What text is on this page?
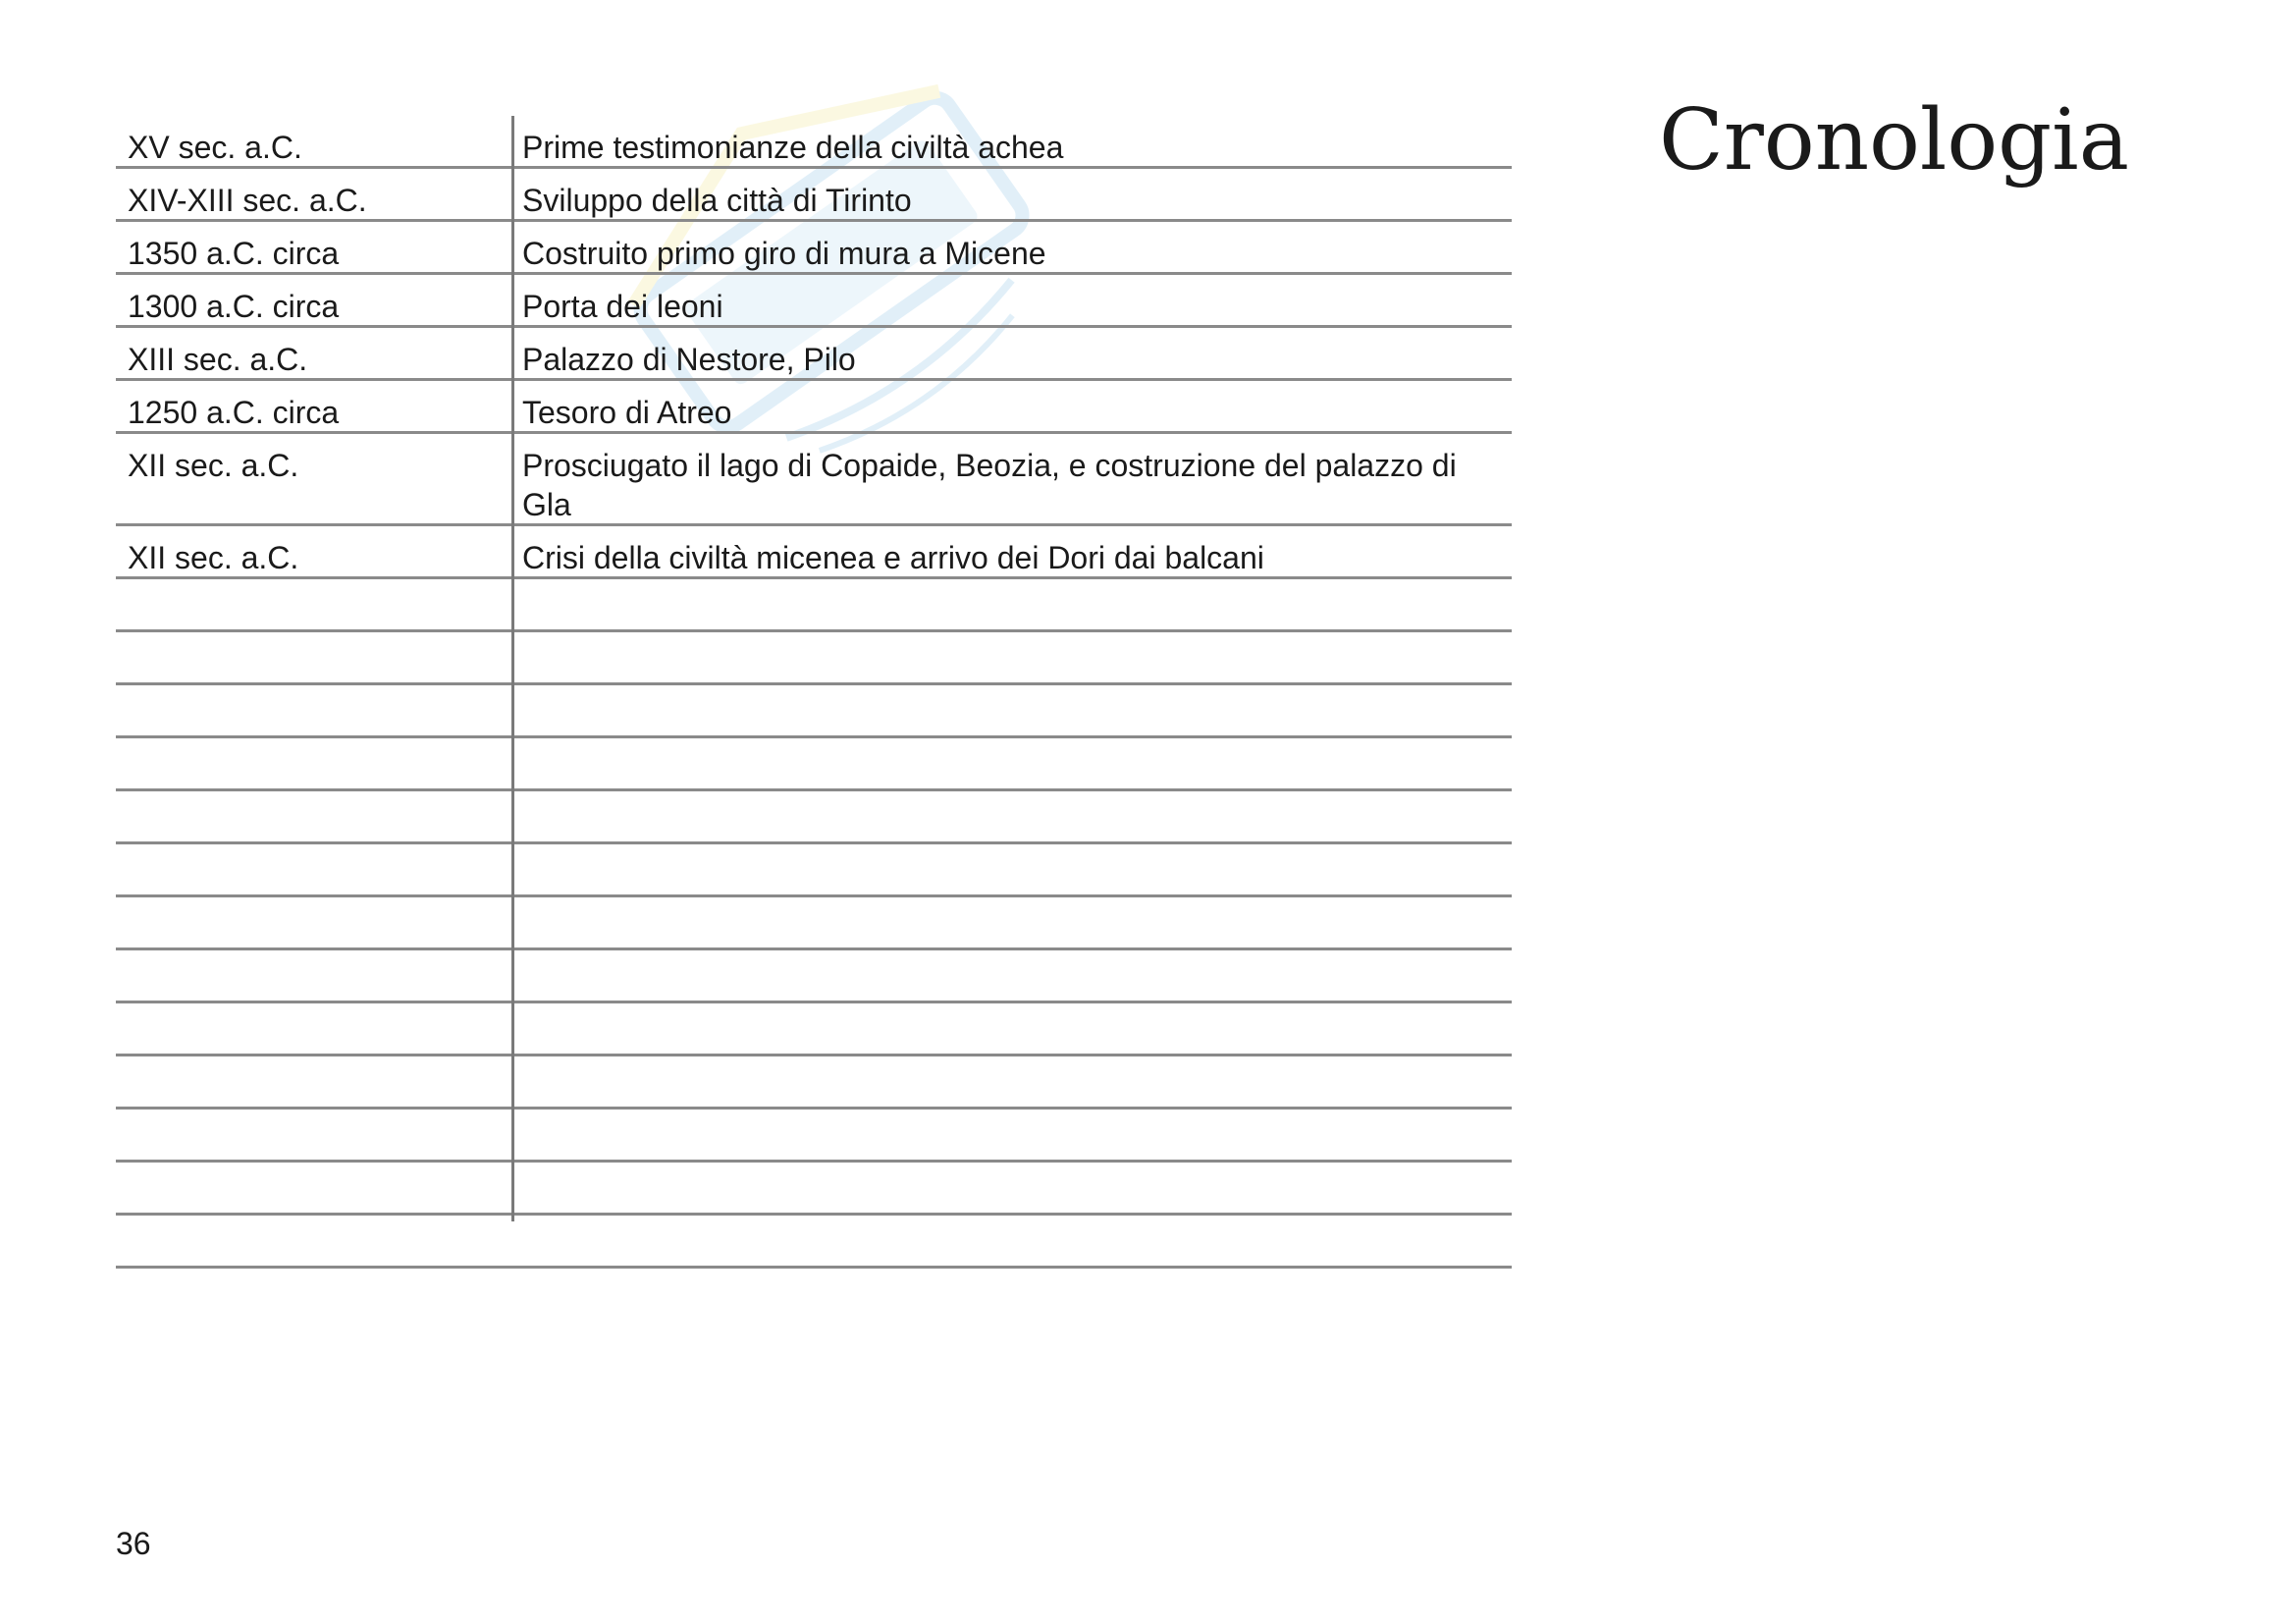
Cronologia
XV sec. a.C.	Prime testimonianze della civiltà achea
XIV-XIII sec. a.C.	Sviluppo della città di Tirinto
1350 a.C. circa	Costruito primo giro di mura a Micene
1300 a.C. circa	Porta dei leoni
XIII sec. a.C.	Palazzo di Nestore, Pilo
1250 a.C. circa	Tesoro di Atreo
XII sec. a.C.	Prosciugato il lago di Copaide, Beozia, e costruzione del palazzo di Gla
XII sec. a.C.	Crisi della civiltà micenea e arrivo dei Dori dai balcani
36
